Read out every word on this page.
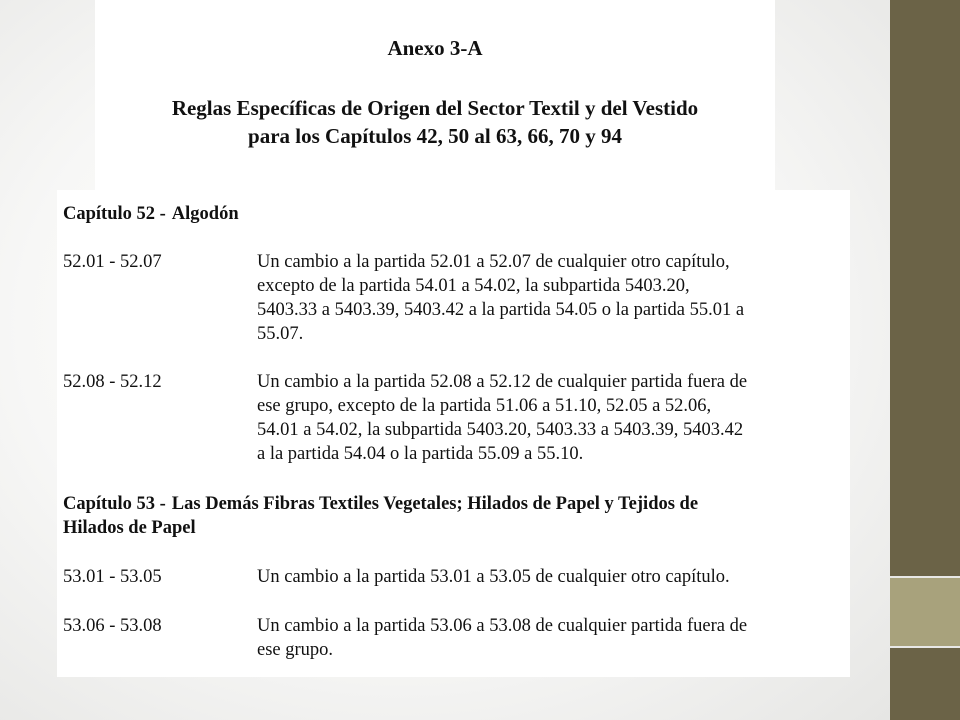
Anexo 3-A
Reglas Específicas de Origen del Sector Textil y del Vestido
para los Capítulos 42, 50 al 63, 66, 70 y 94
Capítulo 52 - Algodón
52.01 - 52.07	Un cambio a la partida 52.01 a 52.07 de cualquier otro capítulo,
excepto de la partida 54.01 a 54.02, la subpartida 5403.20,
5403.33 a 5403.39, 5403.42 a la partida 54.05 o la partida 55.01 a
55.07.
52.08 - 52.12	Un cambio a la partida 52.08 a 52.12 de cualquier partida fuera de
ese grupo, excepto de la partida 51.06 a 51.10, 52.05 a 52.06,
54.01 a 54.02, la subpartida 5403.20, 5403.33 a 5403.39, 5403.42
a la partida 54.04 o la partida 55.09 a 55.10.
Capítulo 53 - Las Demás Fibras Textiles Vegetales; Hilados de Papel y Tejidos de
Hilados de Papel
53.01 - 53.05	Un cambio a la partida 53.01 a 53.05 de cualquier otro capítulo.
53.06 - 53.08	Un cambio a la partida 53.06 a 53.08 de cualquier partida fuera de
ese grupo.
